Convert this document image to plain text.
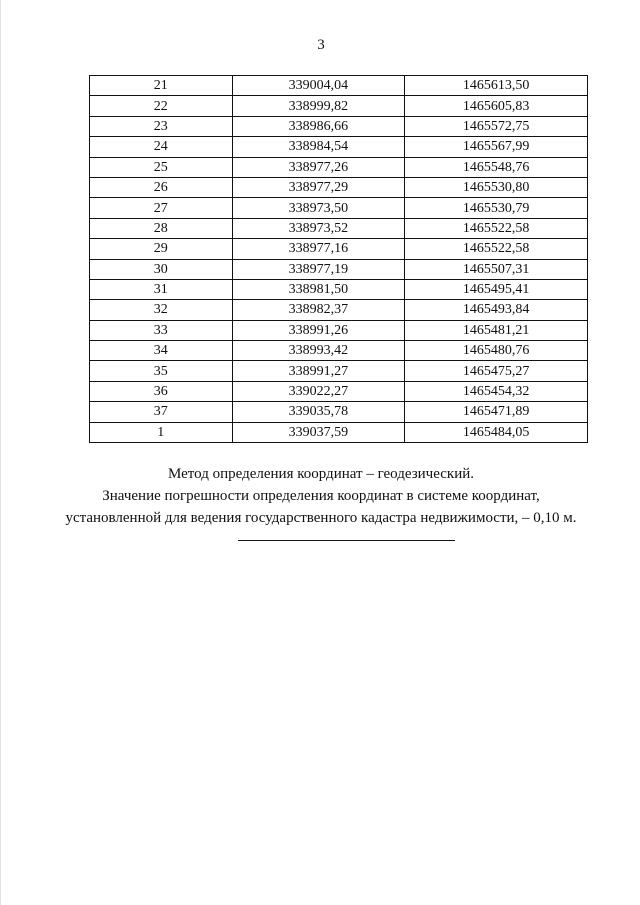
3
21	339004,04	1465613,50
22	338999,82	1465605,83
23	338986,66	1465572,75
24	338984,54	1465567,99
25	338977,26	1465548,76
26	338977,29	1465530,80
27	338973,50	1465530,79
28	338973,52	1465522,58
29	338977,16	1465522,58
30	338977,19	1465507,31
31	338981,50	1465495,41
32	338982,37	1465493,84
33	338991,26	1465481,21
34	338993,42	1465480,76
35	338991,27	1465475,27
36	339022,27	1465454,32
37	339035,78	1465471,89
1	339037,59	1465484,05

Метод определения координат – геодезический.

Значение погрешности определения координат в системе координат,

установленной для ведения государственного кадастра недвижимости, – 0,10 м.
